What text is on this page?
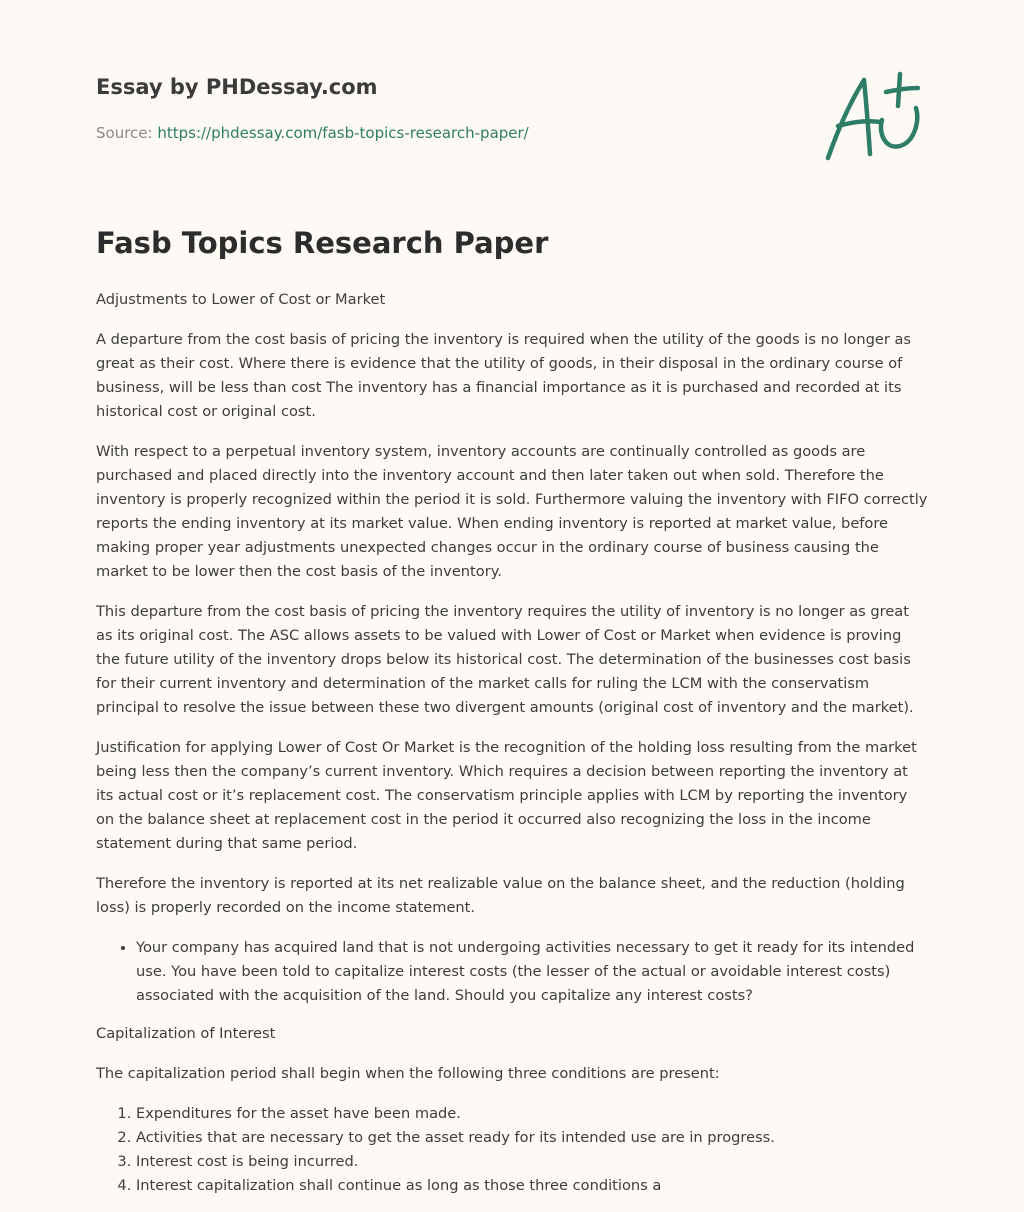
Essay by PHDessay.com
Source: https://phdessay.com/fasb-topics-research-paper/
Fasb Topics Research Paper

Adjustments to Lower of Cost or Market

A departure from the cost basis of pricing the inventory is required when the utility of the goods is no longer as great as their cost. Where there is evidence that the utility of goods, in their disposal in the ordinary course of business, will be less than cost The inventory has a financial importance as it is purchased and recorded at its historical cost or original cost.

With respect to a perpetual inventory system, inventory accounts are continually controlled as goods are purchased and placed directly into the inventory account and then later taken out when sold. Therefore the inventory is properly recognized within the period it is sold. Furthermore valuing the inventory with FIFO correctly reports the ending inventory at its market value. When ending inventory is reported at market value, before making proper year adjustments unexpected changes occur in the ordinary course of business causing the market to be lower then the cost basis of the inventory.

This departure from the cost basis of pricing the inventory requires the utility of inventory is no longer as great as its original cost. The ASC allows assets to be valued with Lower of Cost or Market when evidence is proving the future utility of the inventory drops below its historical cost. The determination of the businesses cost basis for their current inventory and determination of the market calls for ruling the LCM with the conservatism principal to resolve the issue between these two divergent amounts (original cost of inventory and the market).

Justification for applying Lower of Cost Or Market is the recognition of the holding loss resulting from the market being less then the company’s current inventory. Which requires a decision between reporting the inventory at its actual cost or it’s replacement cost. The conservatism principle applies with LCM by reporting the inventory on the balance sheet at replacement cost in the period it occurred also recognizing the loss in the income statement during that same period.

Therefore the inventory is reported at its net realizable value on the balance sheet, and the reduction (holding loss) is properly recorded on the income statement.

• Your company has acquired land that is not undergoing activities necessary to get it ready for its intended use. You have been told to capitalize interest costs (the lesser of the actual or avoidable interest costs) associated with the acquisition of the land. Should you capitalize any interest costs?

Capitalization of Interest

The capitalization period shall begin when the following three conditions are present:

1. Expenditures for the asset have been made.
2. Activities that are necessary to get the asset ready for its intended use are in progress.
3. Interest cost is being incurred.
4. Interest capitalization shall continue as long as those three conditions a
